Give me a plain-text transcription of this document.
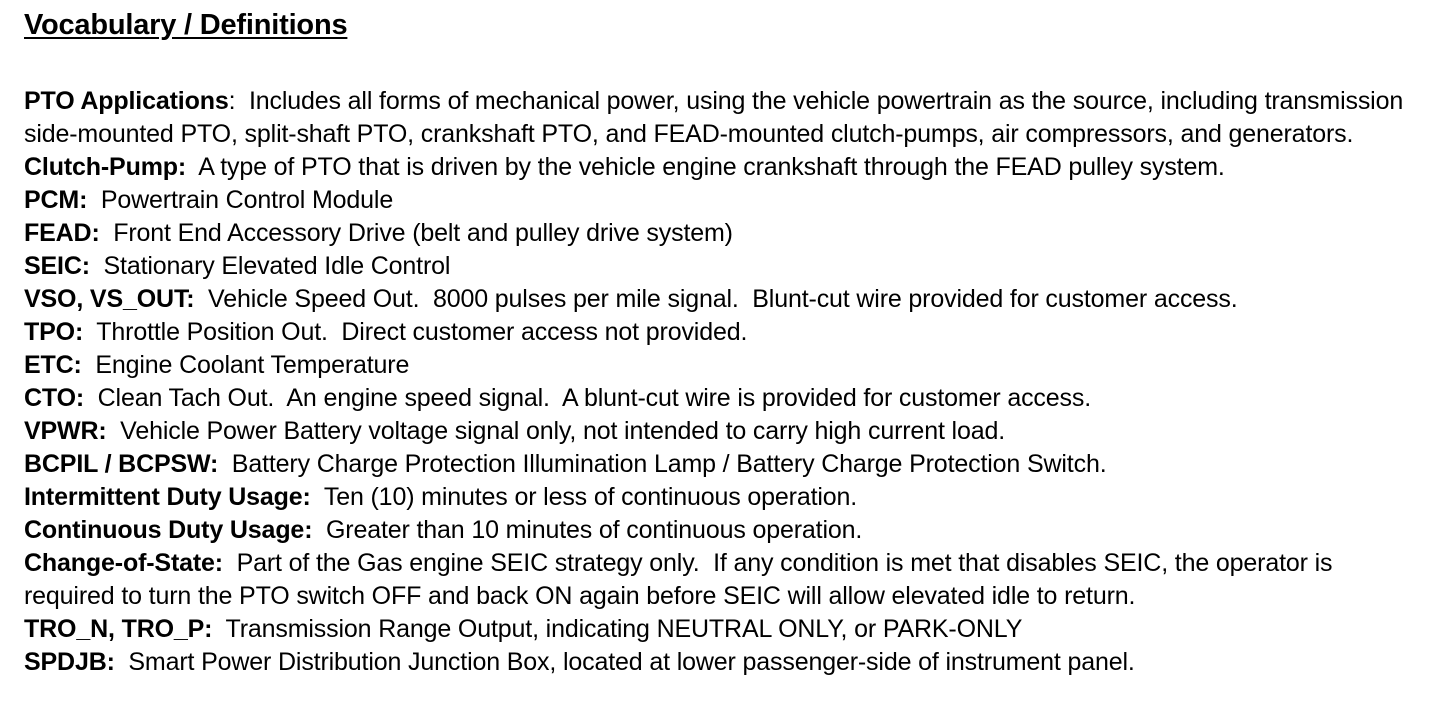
Vocabulary / Definitions

PTO Applications:  Includes all forms of mechanical power, using the vehicle powertrain as the source, including transmission side-mounted PTO, split-shaft PTO, crankshaft PTO, and FEAD-mounted clutch-pumps, air compressors, and generators.

Clutch-Pump:  A type of PTO that is driven by the vehicle engine crankshaft through the FEAD pulley system.

PCM:  Powertrain Control Module

FEAD:  Front End Accessory Drive (belt and pulley drive system)

SEIC:  Stationary Elevated Idle Control

VSO, VS_OUT:  Vehicle Speed Out.  8000 pulses per mile signal.  Blunt-cut wire provided for customer access.

TPO:  Throttle Position Out.  Direct customer access not provided.

ETC:  Engine Coolant Temperature

CTO:  Clean Tach Out.  An engine speed signal.  A blunt-cut wire is provided for customer access.

VPWR:  Vehicle Power Battery voltage signal only, not intended to carry high current load.

BCPIL / BCPSW:  Battery Charge Protection Illumination Lamp / Battery Charge Protection Switch.

Intermittent Duty Usage:  Ten (10) minutes or less of continuous operation.

Continuous Duty Usage:  Greater than 10 minutes of continuous operation.

Change-of-State:  Part of the Gas engine SEIC strategy only.  If any condition is met that disables SEIC, the operator is required to turn the PTO switch OFF and back ON again before SEIC will allow elevated idle to return.

TRO_N, TRO_P:  Transmission Range Output, indicating NEUTRAL ONLY, or PARK-ONLY

SPDJB:  Smart Power Distribution Junction Box, located at lower passenger-side of instrument panel.
